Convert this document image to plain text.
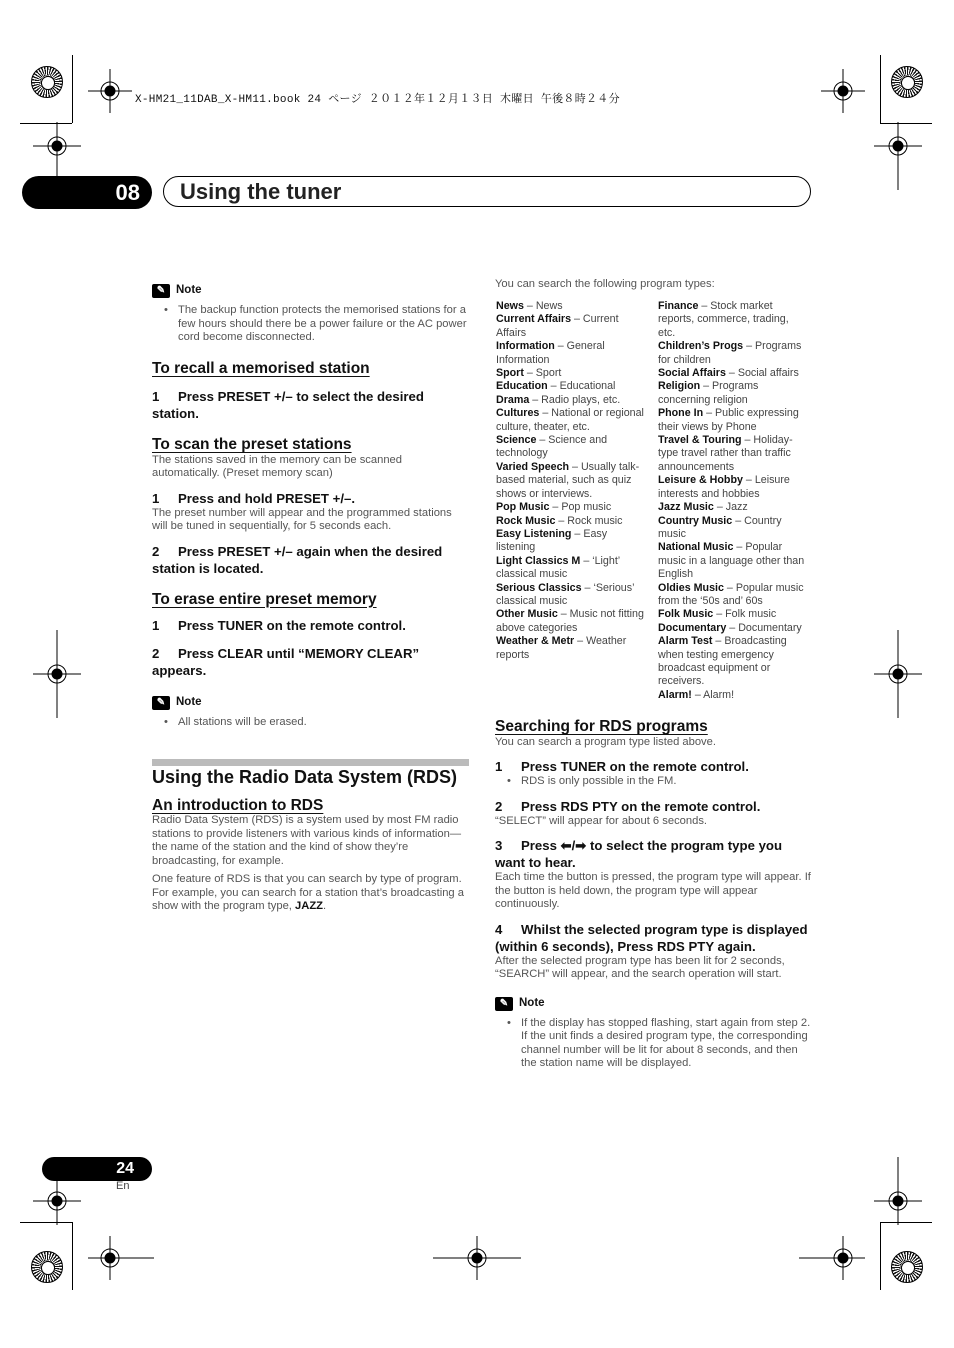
X-HM21_11DAB_X-HM11.book 24 ページ ２０１２年１２月１３日 木曜日 午後８時２４分
08	Using the tuner
✎ Note
• The backup function protects the memorised stations for a few hours should there be a power failure or the AC power cord become disconnected.
To recall a memorised station
1 Press PRESET +/– to select the desired station.
To scan the preset stations
The stations saved in the memory can be scanned automatically. (Preset memory scan)
1 Press and hold PRESET +/–.
The preset number will appear and the programmed stations will be tuned in sequentially, for 5 seconds each.
2 Press PRESET +/– again when the desired station is located.
To erase entire preset memory
1 Press TUNER on the remote control.
2 Press CLEAR until “MEMORY CLEAR” appears.
✎ Note
• All stations will be erased.
Using the Radio Data System (RDS)
An introduction to RDS
Radio Data System (RDS) is a system used by most FM radio stations to provide listeners with various kinds of information—the name of the station and the kind of show they’re broadcasting, for example.
One feature of RDS is that you can search by type of program. For example, you can search for a station that’s broadcasting a show with the program type, JAZZ.
You can search the following program types:

News – News

Current Affairs – Current Affairs

Information – General Information

Sport – Sport

Education – Educational

Drama – Radio plays, etc.

Cultures – National or regional culture, theater, etc.

Science – Science and technology

Varied Speech – Usually talk-based material, such as quiz shows or interviews.

Pop Music – Pop music

Rock Music – Rock music

Easy Listening – Easy listening

Light Classics M – ‘Light’ classical music

Serious Classics – ‘Serious’ classical music

Other Music – Music not fitting above categories

Weather & Metr – Weather reports

Finance – Stock market reports, commerce, trading, etc.

Children’s Progs – Programs for children

Social Affairs – Social affairs

Religion – Programs concerning religion

Phone In – Public expressing their views by Phone

Travel & Touring – Holiday-type travel rather than traffic announcements

Leisure & Hobby – Leisure interests and hobbies

Jazz Music – Jazz

Country Music – Country music

National Music – Popular music in a language other than English

Oldies Music – Popular music from the ‘50s and’ 60s

Folk Music – Folk music

Documentary – Documentary

Alarm Test – Broadcasting when testing emergency broadcast equipment or receivers.

Alarm! – Alarm!

Searching for RDS programs
You can search a program type listed above.
1 Press TUNER on the remote control.
• RDS is only possible in the FM.
2 Press RDS PTY on the remote control.
“SELECT” will appear for about 6 seconds.
3 Press ⬅/➡ to select the program type you want to hear.
Each time the button is pressed, the program type will appear. If the button is held down, the program type will appear continuously.
4 Whilst the selected program type is displayed (within 6 seconds), Press RDS PTY again.
After the selected program type has been lit for 2 seconds, “SEARCH” will appear, and the search operation will start.
✎ Note
• If the display has stopped flashing, start again from step 2. If the unit finds a desired program type, the corresponding channel number will be lit for about 8 seconds, and then the station name will be displayed.
24
En
